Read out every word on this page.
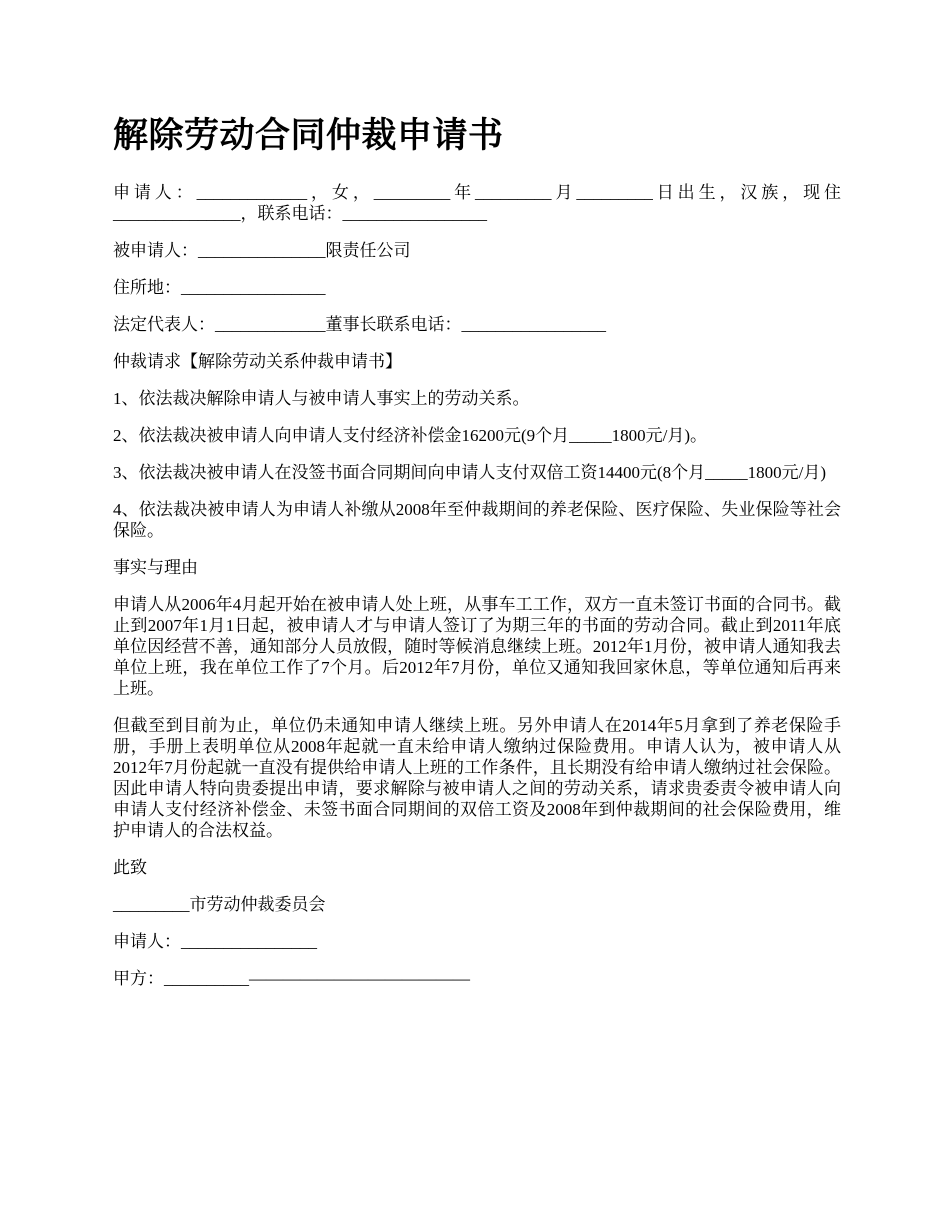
解除劳动合同仲裁申请书

申请人：_____________，女，_________年_________月_________日出生，汉族，现住_______________，联系电话：_________________

被申请人：_______________限责任公司

住所地：_________________

法定代表人：_____________董事长联系电话：_________________

仲裁请求【解除劳动关系仲裁申请书】

1、依法裁决解除申请人与被申请人事实上的劳动关系。

2、依法裁决被申请人向申请人支付经济补偿金16200元(9个月_____1800元/月)。

3、依法裁决被申请人在没签书面合同期间向申请人支付双倍工资14400元(8个月_____1800元/月)

4、依法裁决被申请人为申请人补缴从2008年至仲裁期间的养老保险、医疗保险、失业保险等社会保险。

事实与理由

申请人从2006年4月起开始在被申请人处上班，从事车工工作，双方一直未签订书面的合同书。截止到2007年1月1日起，被申请人才与申请人签订了为期三年的书面的劳动合同。截止到2011年底单位因经营不善，通知部分人员放假，随时等候消息继续上班。2012年1月份，被申请人通知我去单位上班，我在单位工作了7个月。后2012年7月份，单位又通知我回家休息，等单位通知后再来上班。

但截至到目前为止，单位仍未通知申请人继续上班。另外申请人在2014年5月拿到了养老保险手册，手册上表明单位从2008年起就一直未给申请人缴纳过保险费用。申请人认为，被申请人从2012年7月份起就一直没有提供给申请人上班的工作条件，且长期没有给申请人缴纳过社会保险。因此申请人特向贵委提出申请，要求解除与被申请人之间的劳动关系，请求贵委责令被申请人向申请人支付经济补偿金、未签书面合同期间的双倍工资及2008年到仲裁期间的社会保险费用，维护申请人的合法权益。

此致

_________市劳动仲裁委员会

申请人：________________

甲方：__________—————————————
